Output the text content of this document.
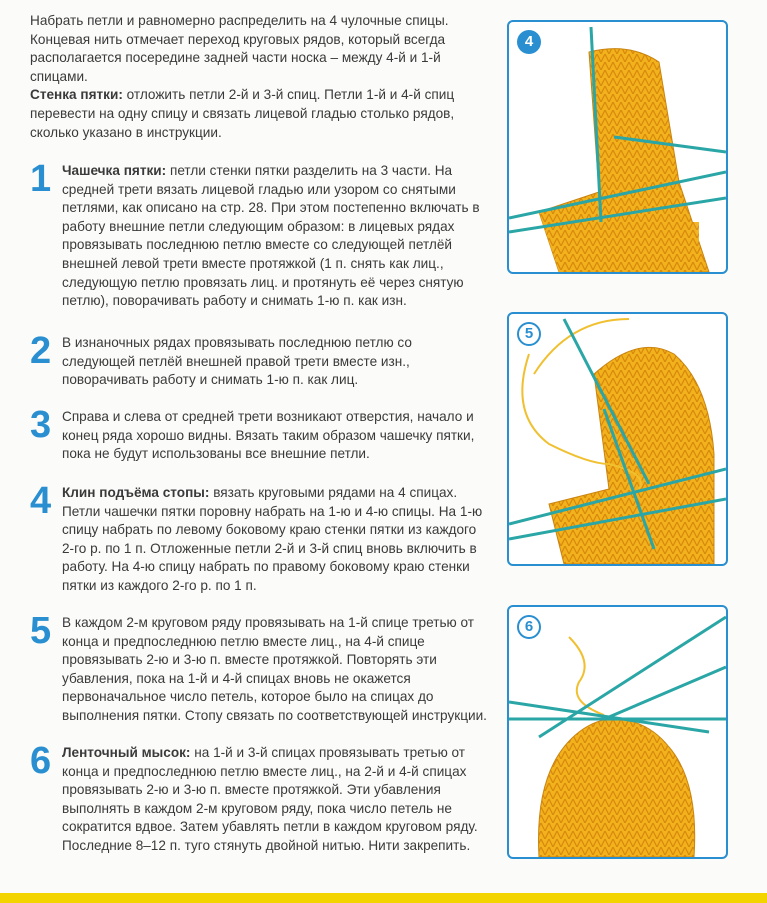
Набрать петли и равномерно распределить на 4 чулочные спицы. Концевая нить отмечает переход круговых рядов, который всегда располагается посередине задней части носка – между 4-й и 1-й спицами.

Стенка пятки: отложить петли 2-й и 3-й спиц. Петли 1-й и 4-й спиц перевести на одну спицу и связать лицевой гладью столько рядов, сколько указано в инструкции.

1 Чашечка пятки: петли стенки пятки разделить на 3 части. На средней трети вязать лицевой гладью или узором со снятыми петлями, как описано на стр. 28. При этом постепенно включать в работу внешние петли следующим образом: в лицевых рядах провязывать последнюю петлю вместе со следующей петлёй внешней левой трети вместе протяжкой (1 п. снять как лиц., следующую петлю провязать лиц. и протянуть её через снятую петлю), поворачивать работу и снимать 1-ю п. как изн.

2 В изнаночных рядах провязывать последнюю петлю со следующей петлёй внешней правой трети вместе изн., поворачивать работу и снимать 1-ю п. как лиц.

3 Справа и слева от средней трети возникают отверстия, начало и конец ряда хорошо видны. Вязать таким образом чашечку пятки, пока не будут использованы все внешние петли.

4 Клин подъёма стопы: вязать круговыми рядами на 4 спицах. Петли чашечки пятки поровну набрать на 1-ю и 4-ю спицы. На 1-ю спицу набрать по левому боковому краю стенки пятки из каждого 2-го р. по 1 п. Отложенные петли 2-й и 3-й спиц вновь включить в работу. На 4-ю спицу набрать по правому боковому краю стенки пятки из каждого 2-го р. по 1 п.

5 В каждом 2-м круговом ряду провязывать на 1-й спице третью от конца и предпоследнюю петлю вместе лиц., на 4-й спице провязывать 2-ю и 3-ю п. вместе протяжкой. Повторять эти убавления, пока на 1-й и 4-й спицах вновь не окажется первоначальное число петель, которое было на спицах до выполнения пятки. Стопу связать по соответствующей инструкции.

6 Ленточный мысок: на 1-й и 3-й спицах провязывать третью от конца и предпоследнюю петлю вместе лиц., на 2-й и 4-й спицах провязывать 2-ю и 3-ю п. вместе протяжкой. Эти убавления выполнять в каждом 2-м круговом ряду, пока число петель не сократится вдвое. Затем убавлять петли в каждом круговом ряду. Последние 8–12 п. туго стянуть двойной нитью. Нити закрепить.

4
5
6
